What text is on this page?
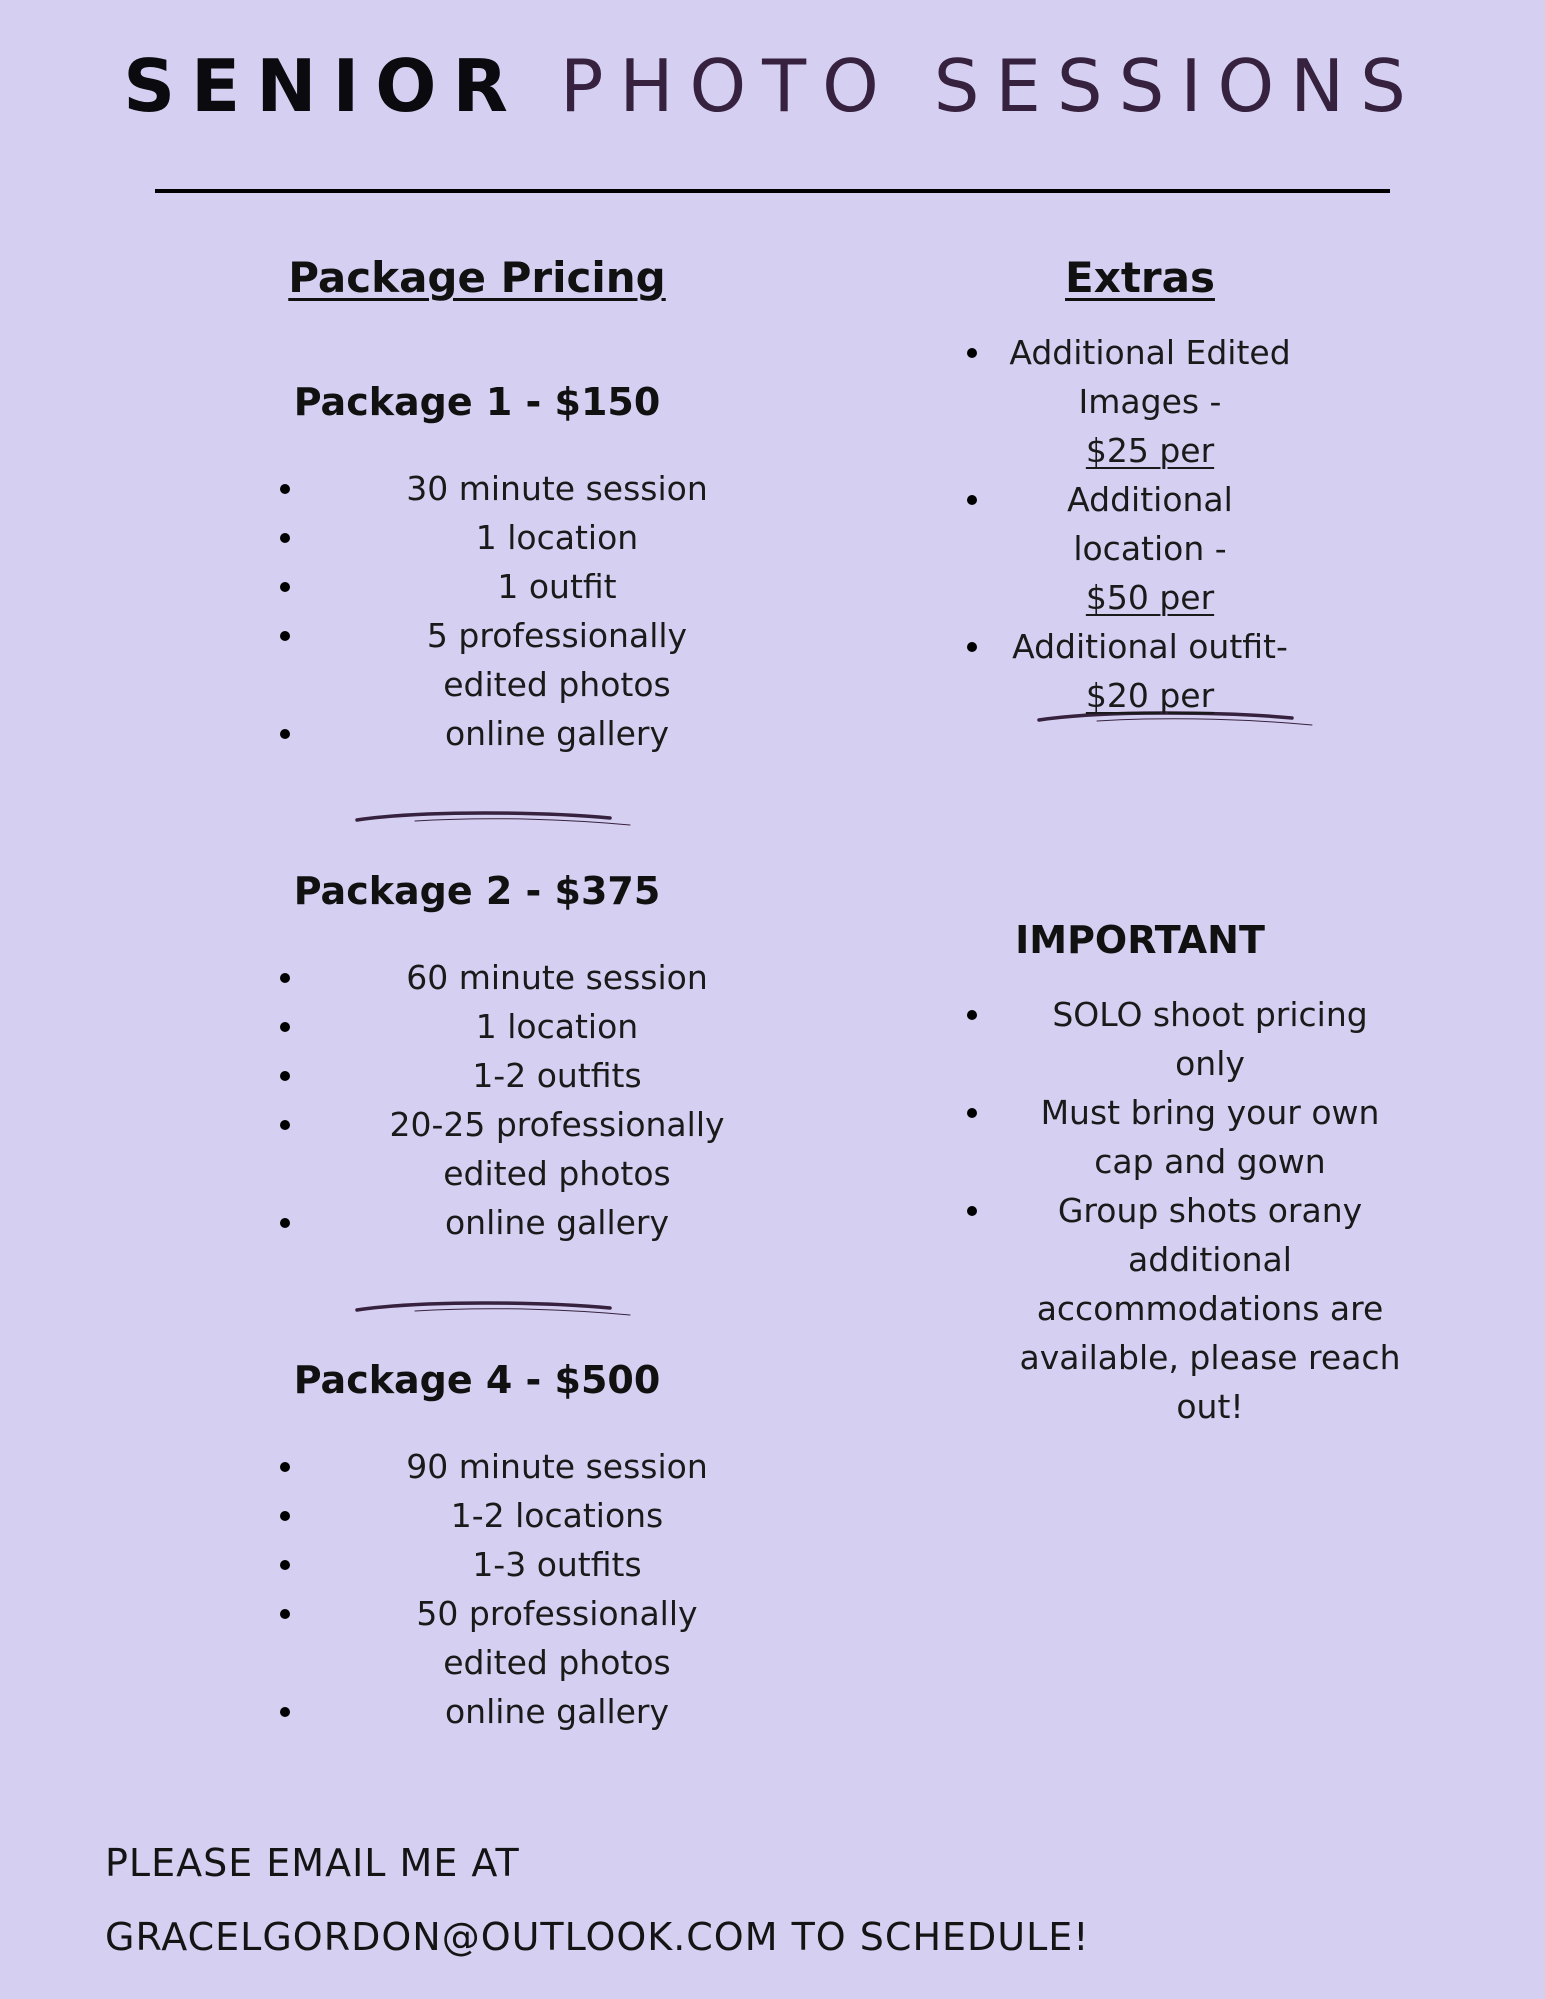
SENIOR PHOTO SESSIONS
Package Pricing
Package 1 - $150
30 minute session
1 location
1 outfit
5 professionally edited photos
online gallery
Package 2 - $375
60 minute session
1 location
1-2 outfits
20-25 professionally edited photos
online gallery
Package 4 - $500
90 minute session
1-2 locations
1-3 outfits
50 professionally edited photos
online gallery
Extras
Additional Edited Images -$25 per
Additional location -$50 per
Additional outfit-$20 per
IMPORTANT
SOLO shoot pricing only
Must bring your own cap and gown
Group shots orany additional accommodations are available, please reach out!
PLEASE EMAIL ME AT
GRACELGORDON@OUTLOOK.COM TO SCHEDULE!
